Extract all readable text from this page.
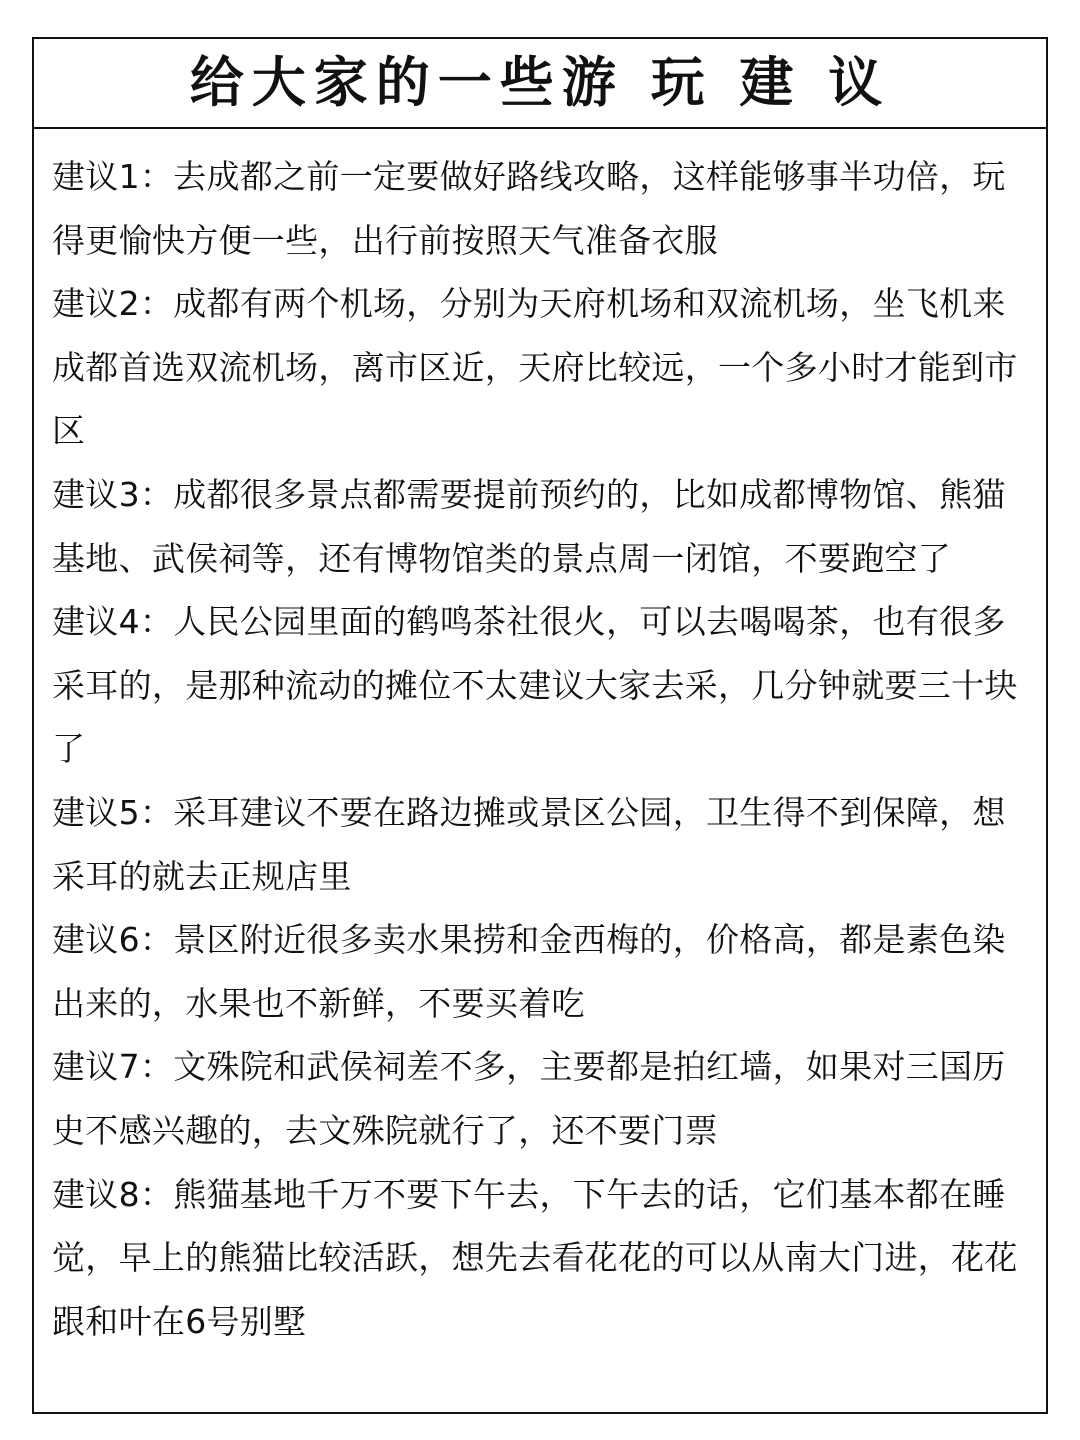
给大家的一些游 玩 建 议
建议1：去成都之前一定要做好路线攻略，这样能够事半功倍，玩得更愉快方便一些，出行前按照天气准备衣服
建议2：成都有两个机场，分别为天府机场和双流机场，坐飞机来成都首选双流机场，离市区近，天府比较远，一个多小时才能到市区
建议3：成都很多景点都需要提前预约的，比如成都博物馆、熊猫基地、武侯祠等，还有博物馆类的景点周一闭馆，不要跑空了
建议4：人民公园里面的鹤鸣茶社很火，可以去喝喝茶，也有很多采耳的，是那种流动的摊位不太建议大家去采，几分钟就要三十块了
建议5：采耳建议不要在路边摊或景区公园，卫生得不到保障，想采耳的就去正规店里
建议6：景区附近很多卖水果捞和金西梅的，价格高，都是素色染出来的，水果也不新鲜，不要买着吃
建议7：文殊院和武侯祠差不多，主要都是拍红墙，如果对三国历史不感兴趣的，去文殊院就行了，还不要门票
建议8：熊猫基地千万不要下午去，下午去的话，它们基本都在睡觉，早上的熊猫比较活跃，想先去看花花的可以从南大门进，花花跟和叶在6号别墅
